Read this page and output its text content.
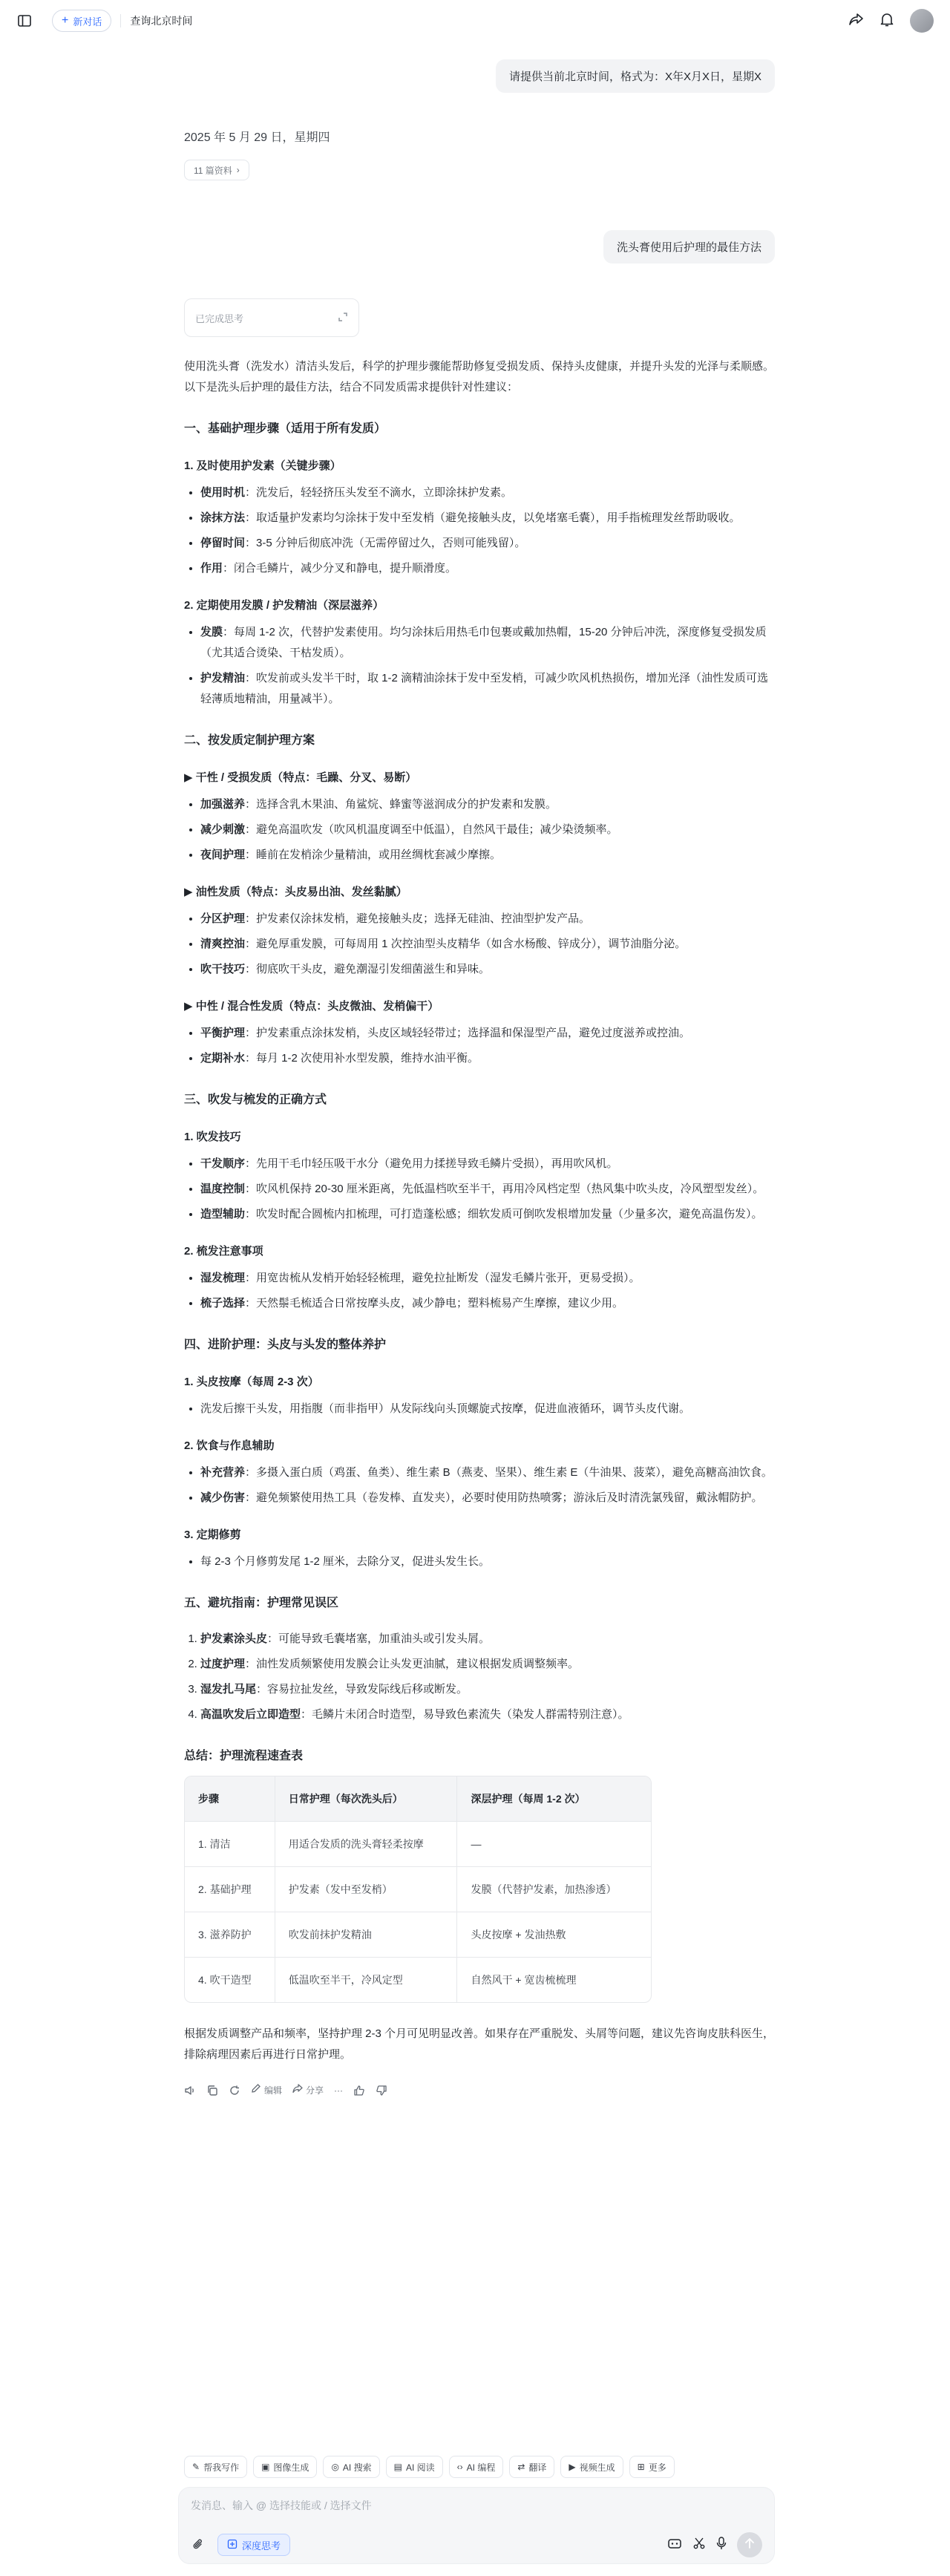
+ 新对话	查询北京时间
请提供当前北京时间，格式为：X年X月X日，星期X
2025 年 5 月 29 日，星期四
11 篇资料 ›
洗头膏使用后护理的最佳方法
已完成思考

使用洗头膏（洗发水）清洁头发后，科学的护理步骤能帮助修复受损发质、保持头皮健康，并提升头发的光泽与柔顺感。以下是洗头后护理的最佳方法，结合不同发质需求提供针对性建议：

一、基础护理步骤（适用于所有发质）
1. 及时使用护发素（关键步骤）
• 使用时机：洗发后，轻轻挤压头发至不滴水，立即涂抹护发素。
• 涂抹方法：取适量护发素均匀涂抹于发中至发梢（避免接触头皮，以免堵塞毛囊），用手指梳理发丝帮助吸收。
• 停留时间：3-5 分钟后彻底冲洗（无需停留过久，否则可能残留）。
• 作用：闭合毛鳞片，减少分叉和静电，提升顺滑度。
2. 定期使用发膜 / 护发精油（深层滋养）
• 发膜：每周 1-2 次，代替护发素使用。均匀涂抹后用热毛巾包裹或戴加热帽，15-20 分钟后冲洗，深度修复受损发质（尤其适合烫染、干枯发质）。
• 护发精油：吹发前或头发半干时，取 1-2 滴精油涂抹于发中至发梢，可减少吹风机热损伤，增加光泽（油性发质可选轻薄质地精油，用量减半）。
二、按发质定制护理方案
▶ 干性 / 受损发质（特点：毛躁、分叉、易断）
• 加强滋养：选择含乳木果油、角鲨烷、蜂蜜等滋润成分的护发素和发膜。
• 减少刺激：避免高温吹发（吹风机温度调至中低温），自然风干最佳；减少染烫频率。
• 夜间护理：睡前在发梢涂少量精油，或用丝绸枕套减少摩擦。
▶ 油性发质（特点：头皮易出油、发丝黏腻）
• 分区护理：护发素仅涂抹发梢，避免接触头皮；选择无硅油、控油型护发产品。
• 清爽控油：避免厚重发膜，可每周用 1 次控油型头皮精华（如含水杨酸、锌成分），调节油脂分泌。
• 吹干技巧：彻底吹干头皮，避免潮湿引发细菌滋生和异味。
▶ 中性 / 混合性发质（特点：头皮微油、发梢偏干）
• 平衡护理：护发素重点涂抹发梢，头皮区域轻轻带过；选择温和保湿型产品，避免过度滋养或控油。
• 定期补水：每月 1-2 次使用补水型发膜，维持水油平衡。
三、吹发与梳发的正确方式
1. 吹发技巧
• 干发顺序：先用干毛巾轻压吸干水分（避免用力揉搓导致毛鳞片受损），再用吹风机。
• 温度控制：吹风机保持 20-30 厘米距离，先低温档吹至半干，再用冷风档定型（热风集中吹头皮，冷风塑型发丝）。
• 造型辅助：吹发时配合圆梳内扣梳理，可打造蓬松感；细软发质可倒吹发根增加发量（少量多次，避免高温伤发）。
2. 梳发注意事项
• 湿发梳理：用宽齿梳从发梢开始轻轻梳理，避免拉扯断发（湿发毛鳞片张开，更易受损）。
• 梳子选择：天然鬃毛梳适合日常按摩头皮，减少静电；塑料梳易产生摩擦，建议少用。
四、进阶护理：头皮与头发的整体养护
1. 头皮按摩（每周 2-3 次）
• 洗发后擦干头发，用指腹（而非指甲）从发际线向头顶螺旋式按摩，促进血液循环，调节头皮代谢。
2. 饮食与作息辅助
• 补充营养：多摄入蛋白质（鸡蛋、鱼类）、维生素 B（燕麦、坚果）、维生素 E（牛油果、菠菜），避免高糖高油饮食。
• 减少伤害：避免频繁使用热工具（卷发棒、直发夹），必要时使用防热喷雾；游泳后及时清洗氯残留，戴泳帽防护。
3. 定期修剪
• 每 2-3 个月修剪发尾 1-2 厘米，去除分叉，促进头发生长。
五、避坑指南：护理常见误区
1. 护发素涂头皮：可能导致毛囊堵塞，加重油头或引发头屑。
2. 过度护理：油性发质频繁使用发膜会让头发更油腻，建议根据发质调整频率。
3. 湿发扎马尾：容易拉扯发丝，导致发际线后移或断发。
4. 高温吹发后立即造型：毛鳞片未闭合时造型，易导致色素流失（染发人群需特别注意）。
总结：护理流程速查表
步骤	日常护理（每次洗头后）	深层护理（每周 1-2 次）
1. 清洁	用适合发质的洗头膏轻柔按摩	—
2. 基础护理	护发素（发中至发梢）	发膜（代替护发素，加热渗透）
3. 滋养防护	吹发前抹护发精油	头皮按摩 + 发油热敷
4. 吹干造型	低温吹至半干，冷风定型	自然风干 + 宽齿梳梳理

根据发质调整产品和频率，坚持护理 2-3 个月可见明显改善。如果存在严重脱发、头屑等问题，建议先咨询皮肤科医生，排除病理因素后再进行日常护理。

编辑	分享 ···
✎ 帮我写作	▣ 图像生成	◎ AI 搜索	▤ AI 阅读	‹› AI 编程	⇄ 翻译	▶ 视频生成	⊞ 更多
发消息、输入 @ 选择技能或 / 选择文件
深度思考
